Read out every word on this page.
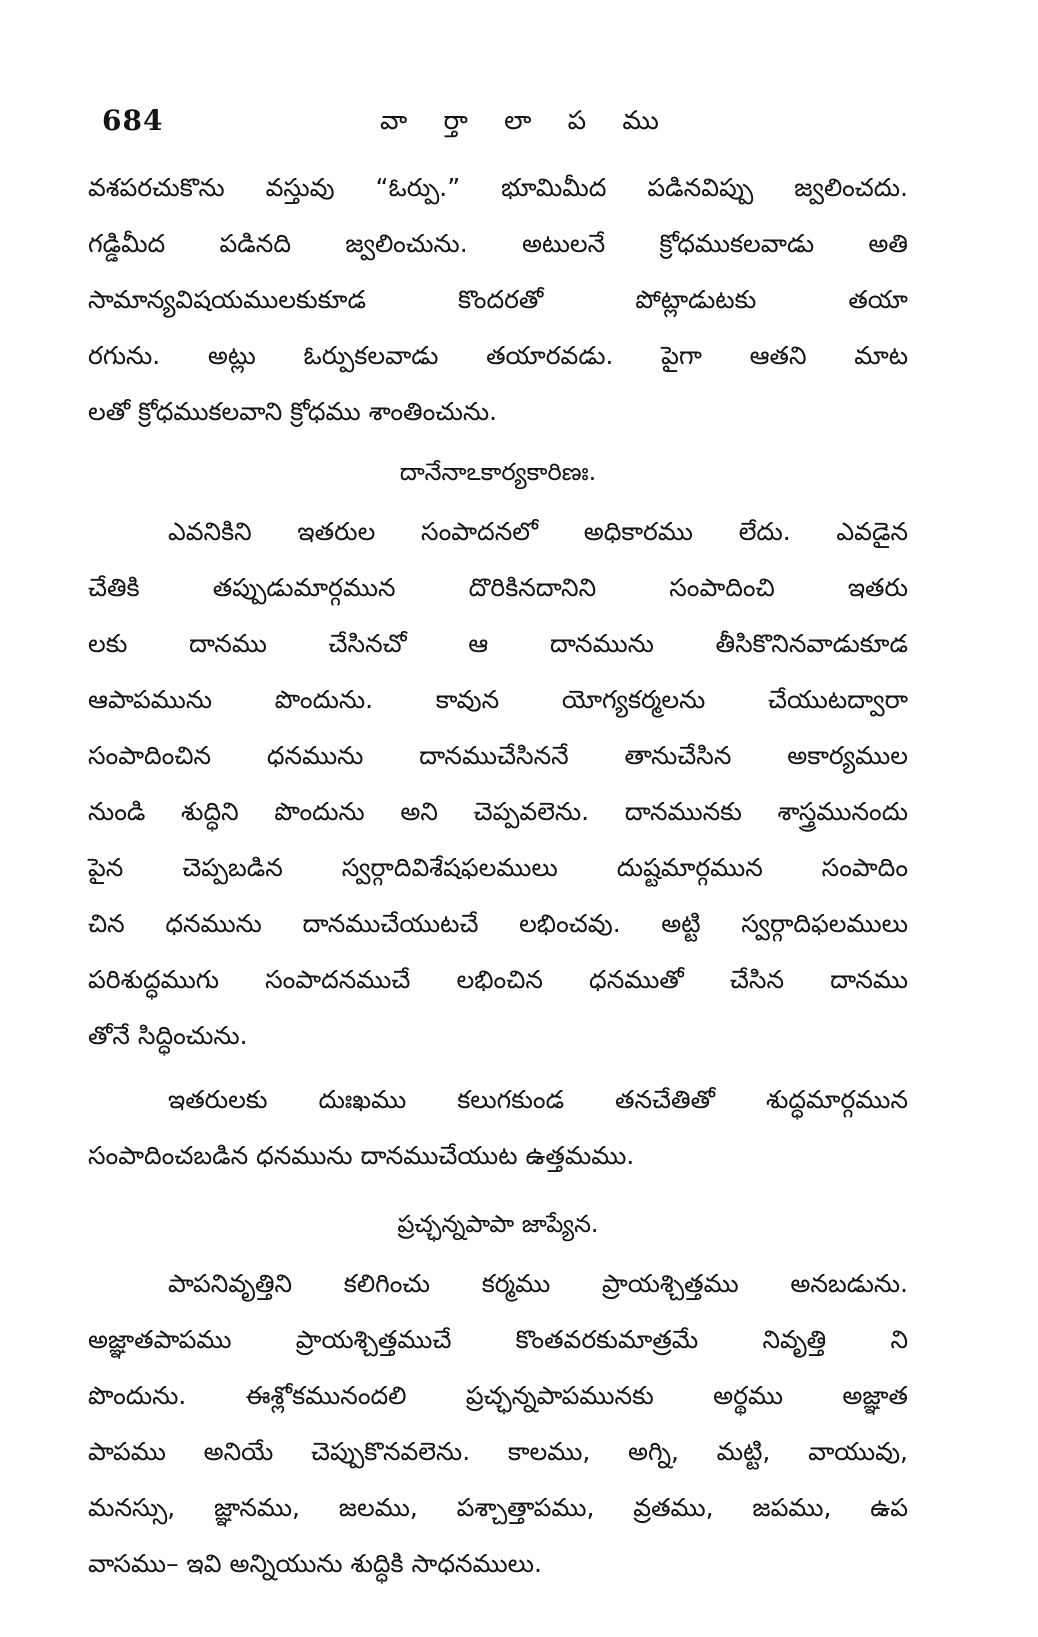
684	వా ర్తా లా ప ము
వశపరచుకొను వస్తువు “ఓర్పు.” భూమిమీద పడినవిప్పు జ్వలించదు.
గడ్డిమీద పడినది జ్వలించును. అటులనే క్రోధముకలవాడు అతి
సామాన్యవిషయములకుకూడ కొందరతో పోట్లాడుటకు తయా
రగును. అట్లు ఓర్పుకలవాడు తయారవడు. పైగా ఆతని మాట
లతో క్రోధముకలవాని క్రోధము శాంతించును.
దానేనాఽకార్యకారిణః.
ఎవనికిని ఇతరుల సంపాదనలో అధికారము లేదు. ఎవడైన
చేతికి తప్పుడుమార్గమున దొరికినదానిని సంపాదించి ఇతరు
లకు దానము చేసినచో ఆ దానమును తీసికొనినవాడుకూడ
ఆపాపమును పొందును. కావున యోగ్యకర్మలను చేయుటద్వారా
సంపాదించిన ధనమును దానముచేసిననే తానుచేసిన అకార్యముల
నుండి శుద్ధిని పొందును అని చెప్పవలెను. దానమునకు శాస్త్రమునందు
పైన చెప్పబడిన స్వర్గాదివిశేషఫలములు దుష్టమార్గమున సంపాదిం
చిన ధనమును దానముచేయుటచే లభించవు. అట్టి స్వర్గాదిఫలములు
పరిశుద్ధముగు సంపాదనముచే లభించిన ధనముతో చేసిన దానము
తోనే సిద్ధించును.
ఇతరులకు దుఃఖము కలుగకుండ తనచేతితో శుద్ధమార్గమున
సంపాదించబడిన ధనమును దానముచేయుట ఉత్తమము.
ప్రచ్ఛన్నపాపా జాప్యేన.
పాపనివృత్తిని కలిగించు కర్మము ప్రాయశ్చిత్తము అనబడును.
అజ్ఞాతపాపము ప్రాయశ్చిత్తముచే కొంతవరకుమాత్రమే నివృత్తి ని
పొందును. ఈశ్లోకమునందలి ప్రచ్ఛన్నపాపమునకు అర్థము అజ్ఞాత
పాపము అనియే చెప్పుకొనవలెను. కాలము, అగ్ని, మట్టి, వాయువు,
మనస్సు, జ్ఞానము, జలము, పశ్చాత్తాపము, వ్రతము, జపము, ఉప
వాసము– ఇవి అన్నియును శుద్ధికి సాధనములు.
